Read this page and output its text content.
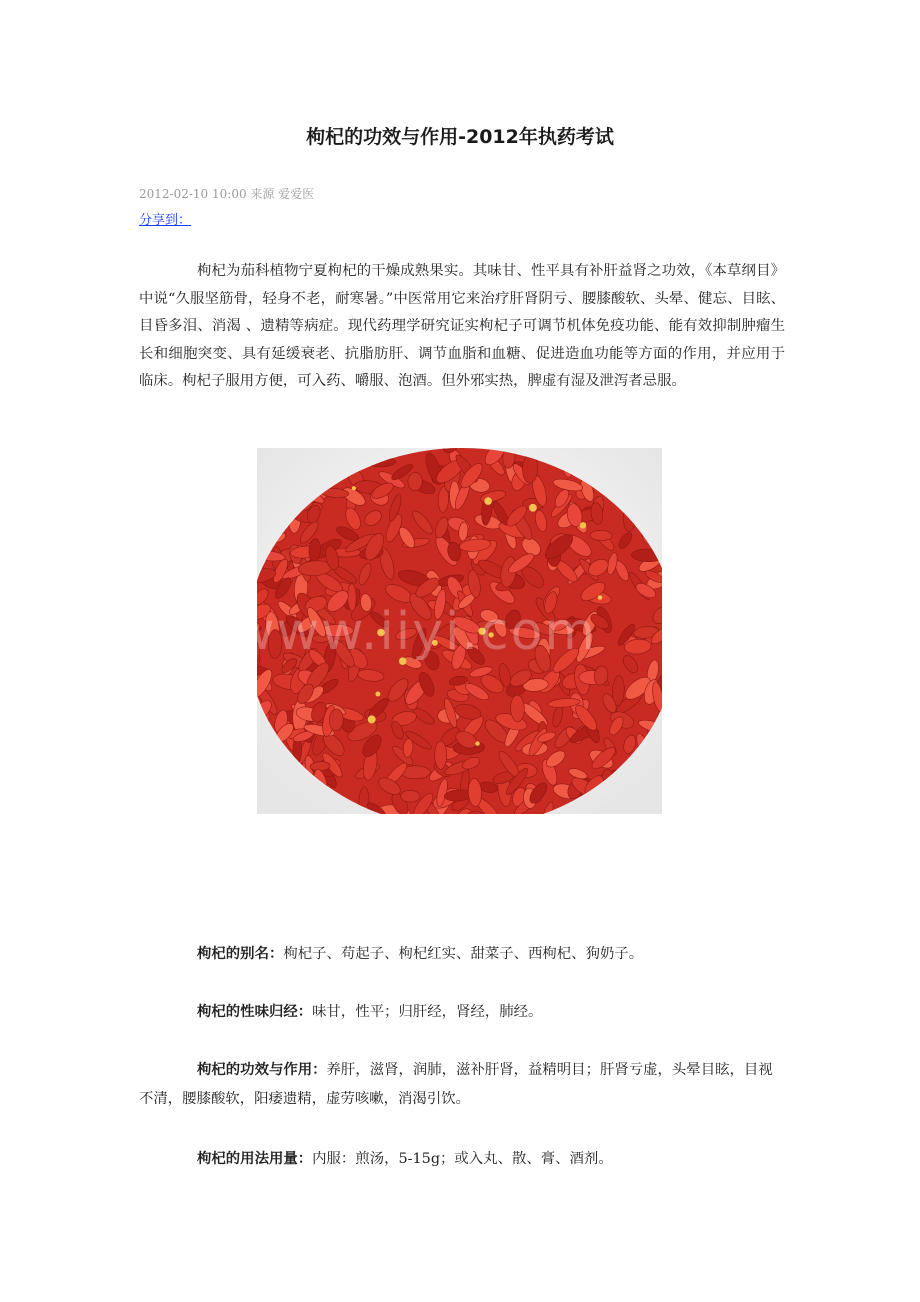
枸杞的功效与作用-2012年执药考试
2012-02-10 10:00 来源 爱爱医
分享到：

枸杞为茄科植物宁夏枸杞的干燥成熟果实。其味甘、性平具有补肝益肾之功效，《本草纲目》中说“久服坚筋骨，轻身不老，耐寒暑。”中医常用它来治疗肝肾阴亏、腰膝酸软、头晕、健忘、目眩、目昏多泪、消渴 、遗精等病症。现代药理学研究证实枸杞子可调节机体免疫功能、能有效抑制肿瘤生长和细胞突变、具有延缓衰老、抗脂肪肝、调节血脂和血糖、促进造血功能等方面的作用，并应用于临床。枸杞子服用方便，可入药、嚼服、泡酒。但外邪实热，脾虚有湿及泄泻者忌服。

www.iiyi.com

枸杞的别名：枸杞子、苟起子、枸杞红实、甜菜子、西枸杞、狗奶子。

枸杞的性味归经：味甘，性平；归肝经，肾经，肺经。

枸杞的功效与作用：养肝，滋肾，润肺，滋补肝肾，益精明目；肝肾亏虚，头晕目眩，目视不清，腰膝酸软，阳痿遗精，虚劳咳嗽，消渴引饮。

枸杞的用法用量：内服：煎汤，5-15g；或入丸、散、膏、酒剂。
